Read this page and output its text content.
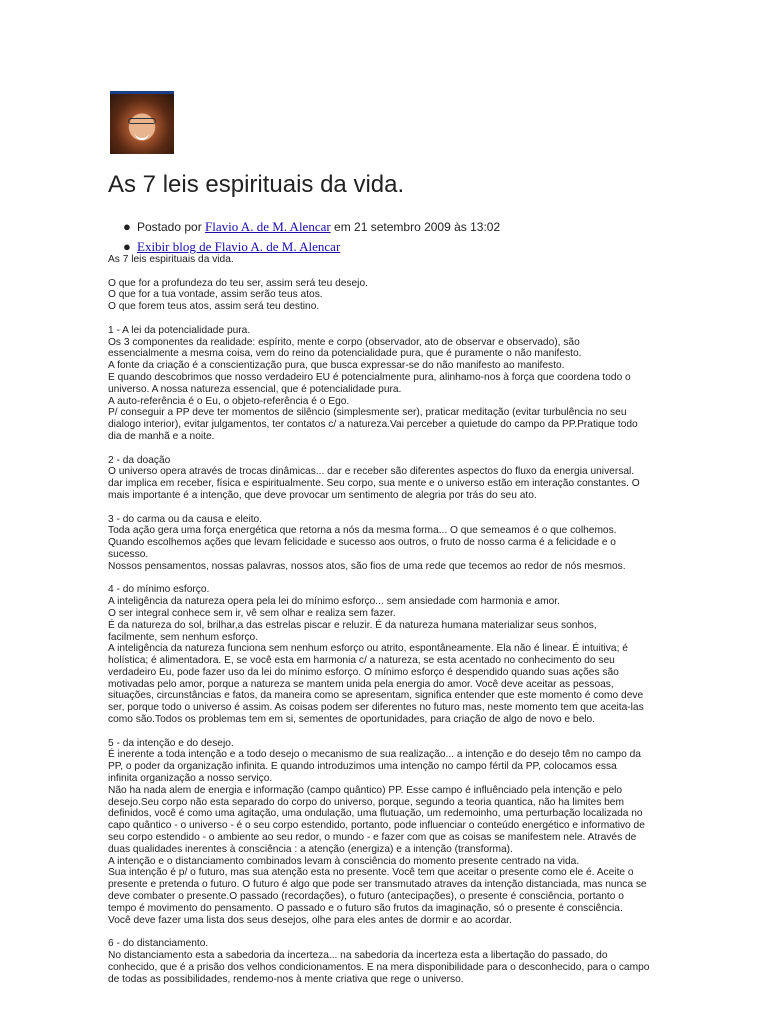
As 7 leis espirituais da vida.
● Postado por Flavio A. de M. Alencar em 21 setembro 2009 às 13:02
● Exibir blog de Flavio A. de M. Alencar

As 7 leis espirituais da vida.

O que for a profundeza do teu ser, assim será teu desejo.
O que for a tua vontade, assim serão teus atos.
O que forem teus atos, assim será teu destino.

1 - A lei da potencialidade pura.
Os 3 componentes da realidade: espírito, mente e corpo (observador, ato de observar e observado), são
essencialmente a mesma coisa, vem do reino da potencialidade pura, que é puramente o não manifesto.
A fonte da criação é a conscientização pura, que busca expressar-se do não manifesto ao manifesto.
E quando descobrimos que nosso verdadeiro EU é potencialmente pura, alinhamo-nos à força que coordena todo o
universo. A nossa natureza essencial, que é potencialidade pura.
A auto-referência é o Eu, o objeto-referência é o Ego.
P/ conseguir a PP deve ter momentos de silêncio (simplesmente ser), praticar meditação (evitar turbulência no seu
dialogo interior), evitar julgamentos, ter contatos c/ a natureza.Vai perceber a quietude do campo da PP.Pratique todo
dia de manhã e a noite.

2 - da doação
O universo opera através de trocas dinâmicas... dar e receber são diferentes aspectos do fluxo da energia universal.
dar implica em receber, física e espiritualmente. Seu corpo, sua mente e o universo estão em interação constantes. O
mais importante é a intenção, que deve provocar um sentimento de alegria por trás do seu ato.

3 - do carma ou da causa e eleito.
Toda ação gera uma força energética que retorna a nós da mesma forma... O que semeamos é o que colhemos.
Quando escolhemos ações que levam felicidade e sucesso aos outros, o fruto de nosso carma é a felicidade e o
sucesso.
Nossos pensamentos, nossas palavras, nossos atos, são fios de uma rede que tecemos ao redor de nós mesmos.

4 - do mínimo esforço.
A inteligência da natureza opera pela lei do mínimo esforço... sem ansiedade com harmonia e amor.
O ser integral conhece sem ir, vê sem olhar e realiza sem fazer.
É da natureza do sol, brilhar,a das estrelas piscar e reluzir. É da natureza humana materializar seus sonhos,
facilmente, sem nenhum esforço.
A inteligência da natureza funciona sem nenhum esforço ou atrito, espontâneamente. Ela não é linear. É intuitiva; é
holística; é alimentadora. E, se você esta em harmonia c/ a natureza, se esta acentado no conhecimento do seu
verdadeiro Eu, pode fazer uso da lei do mínimo esforço. O mínimo esforço é despendido quando suas ações são
motivadas pelo amor, porque a natureza se mantem unida pela energia do amor. Você deve aceitar as pessoas,
situações, circunstâncias e fatos, da maneira como se apresentam, significa entender que este momento é como deve
ser, porque todo o universo é assim. As coisas podem ser diferentes no futuro mas, neste momento tem que aceita-las
como são.Todos os problemas tem em si, sementes de oportunidades, para criação de algo de novo e belo.

5 - da intenção e do desejo.
É inerente a toda intenção e a todo desejo o mecanismo de sua realização... a intenção e do desejo têm no campo da
PP, o poder da organização infinita. E quando introduzimos uma intenção no campo fértil da PP, colocamos essa
infinita organização a nosso serviço.
Não ha nada alem de energia e informação (campo quântico) PP. Esse campo é influênciado pela intenção e pelo
desejo.Seu corpo não esta separado do corpo do universo, porque, segundo a teoria quantica, não ha limites bem
definidos, você é como uma agitação, uma ondulação, uma flutuação, um redemoinho, uma perturbação localizada no
capo quântico - o universo - é o seu corpo estendido, portanto, pode influenciar o conteúdo energético e informativo de
seu corpo estendido - o ambiente ao seu redor, o mundo - e fazer com que as coisas se manifestem nele. Através de
duas qualidades inerentes à consciência : a atenção (energiza) e a intenção (transforma).
A intenção e o distanciamento combinados levam à consciência do momento presente centrado na vida.
Sua intenção é p/ o futuro, mas sua atenção esta no presente. Você tem que aceitar o presente como ele é. Aceite o
presente e pretenda o futuro. O futuro é algo que pode ser transmutado atraves da intenção distanciada, mas nunca se
deve combater o presente.O passado (recordações), o futuro (antecipações), o presente é consciência, portanto o
tempo é movimento do pensamento. O passado e o futuro são frutos da imaginação, só o presente é consciência.
Você deve fazer uma lista dos seus desejos, olhe para eles antes de dormir e ao acordar.

6 - do distanciamento.
No distanciamento esta a sabedoria da incerteza... na sabedoria da incerteza esta a libertação do passado, do
conhecido, que é a prisão dos velhos condicionamentos. E na mera disponibilidade para o desconhecido, para o campo
de todas as possibilidades, rendemo-nos à mente criativa que rege o universo.
